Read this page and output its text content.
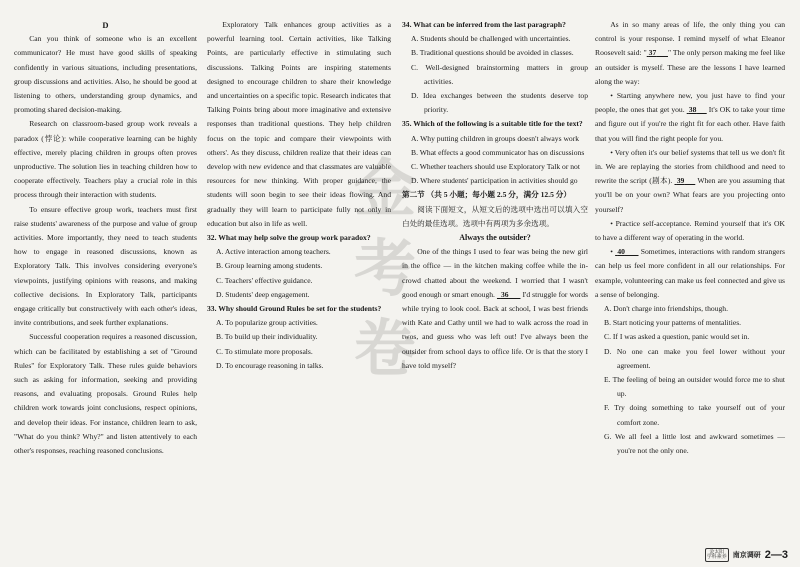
D

Can you think of someone who is an excellent communicator? He must have good skills of speaking confidently in various situations, including presentations, group discussions and activities. Also, he should be good at listening to others, understanding group dynamics, and promoting shared decision-making.

Research on classroom-based group work reveals a paradox (悖论): while cooperative learning can be highly effective, merely placing children in groups often proves unproductive. The solution lies in teaching children how to cooperate effectively. Teachers play a crucial role in this process through their interaction with students.

To ensure effective group work, teachers must first raise students' awareness of the purpose and value of group activities. More importantly, they need to teach students how to engage in reasoned discussions, known as Exploratory Talk. This involves considering everyone's viewpoints, justifying opinions with reasons, and making collective decisions. In Exploratory Talk, participants engage critically but constructively with each other's ideas, invite contributions, and seek further explanations.

Successful cooperation requires a reasoned discussion, which can be facilitated by establishing a set of "Ground Rules" for Exploratory Talk. These rules guide behaviors such as asking for information, seeking and providing reasons, and evaluating proposals. Ground Rules help children work towards joint conclusions, respect opinions, and develop their ideas. For instance, children learn to ask, "What do you think? Why?" and listen attentively to each other's responses, reaching reasoned conclusions.

Exploratory Talk enhances group activities as a powerful learning tool. Certain activities, like Talking Points, are particularly effective in stimulating such discussions. Talking Points are inspiring statements designed to encourage children to share their knowledge and uncertainties on a specific topic. Research indicates that Talking Points bring about more imaginative and extensive responses than traditional questions. They help children focus on the topic and compare their viewpoints with others'. As they discuss, children realize that their ideas can develop with new evidence and that classmates are valuable resources for new thinking. With proper guidance, the students will soon begin to see their ideas flowing. And gradually they will learn to participate fully not only in education but also in life as well.

32. What may help solve the group work paradox?

A. Active interaction among teachers.

B. Group learning among students.

C. Teachers' effective guidance.

D. Students' deep engagement.

33. Why should Ground Rules be set for the students?

A. To popularize group activities.

B. To build up their individuality.

C. To stimulate more proposals.

D. To encourage reasoning in talks.

34. What can be inferred from the last paragraph?

A. Students should be challenged with uncertainties.

B. Traditional questions should be avoided in classes.

C. Well-designed brainstorming matters in group activities.

D. Idea exchanges between the students deserve top priority.

35. Which of the following is a suitable title for the text?

A. Why putting children in groups doesn't always work

B. What effects a good communicator has on discussions

C. Whether teachers should use Exploratory Talk or not

D. Where students' participation in activities should go

第二节 （共 5 小题；每小题 2.5 分，满分 12.5 分）

阅读下面短文，从短文后的选项中选出可以填入空白处的最佳选项。选项中有两项为多余选项。

Always the outsider?

One of the things I used to fear was being the new girl in the office — in the kitchen making coffee while the in-crowd chatted about the weekend. I worried that I wasn't good enough or smart enough. 36 I'd struggle for words while trying to look cool. Back at school, I was best friends with Kate and Cathy until we had to walk across the road in twos, and guess who was left out! I've always been the outsider from school days to office life. Or is that the story I have told myself?

As in so many areas of life, the only thing you can control is your response. I remind myself of what Eleanor Roosevelt said: " 37 " The only person making me feel like an outsider is myself. These are the lessons I have learned along the way:

• Starting anywhere new, you just have to find your people, the ones that get you. 38 It's OK to take your time and figure out if you're the right fit for each other. Have faith that you will find the right people for you.

• Very often it's our belief systems that tell us we don't fit in. We are replaying the stories from childhood and need to rewrite the script (剧本). 39 When are you assuming that you'll be on your own? What fears are you projecting onto yourself?

• Practice self-acceptance. Remind yourself that it's OK to have a different way of operating in the world.

•  40 Sometimes, interactions with random strangers can help us feel more confident in all our relationships. For example, volunteering can make us feel connected and give us a sense of belonging.

A. Don't charge into friendships, though.

B. Start noticing your patterns of mentalities.

C. If I was asked a question, panic would set in.

D. No one can make you feel lower without your agreement.

E. The feeling of being an outsider would force me to shut up.

F. Try doing something to take yourself out of your comfort zone.

G. We all feel a little lost and awkward sometimes — you're not the only one.

金
考
卷
金太阳
学科素养 南京调研 2—3
